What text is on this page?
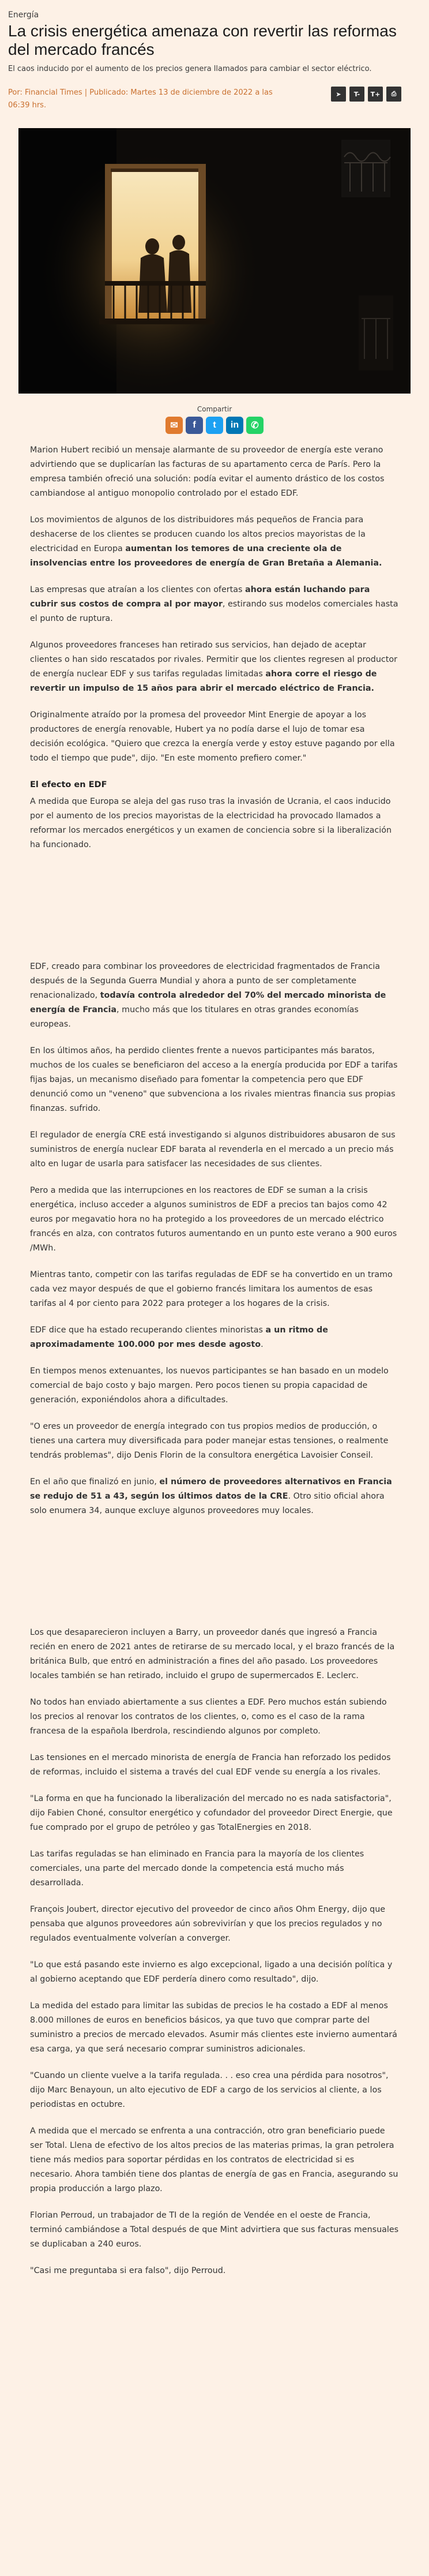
Energía
La crisis energética amenaza con revertir las reformas del mercado francés
El caos inducido por el aumento de los precios genera llamados para cambiar el sector eléctrico.
Por: Financial Times | Publicado: Martes 13 de diciembre de 2022 a las 06:39 hrs.
➤	T-	T+	⎙
Compartir
✉	f	t	in	✆

Marion Hubert recibió un mensaje alarmante de su proveedor de energía este verano advirtiendo que se duplicarían las facturas de su apartamento cerca de París. Pero la empresa también ofreció una solución: podía evitar el aumento drástico de los costos cambiandose al antiguo monopolio controlado por el estado EDF.

Los movimientos de algunos de los distribuidores más pequeños de Francia para deshacerse de los clientes se producen cuando los altos precios mayoristas de la electricidad en Europa aumentan los temores de una creciente ola de insolvencias entre los proveedores de energía de Gran Bretaña a Alemania.

Las empresas que atraían a los clientes con ofertas ahora están luchando para cubrir sus costos de compra al por mayor, estirando sus modelos comerciales hasta el punto de ruptura.

Algunos proveedores franceses han retirado sus servicios, han dejado de aceptar clientes o han sido rescatados por rivales. Permitir que los clientes regresen al productor de energía nuclear EDF y sus tarifas reguladas limitadas ahora corre el riesgo de revertir un impulso de 15 años para abrir el mercado eléctrico de Francia.

Originalmente atraído por la promesa del proveedor Mint Energie de apoyar a los productores de energía renovable, Hubert ya no podía darse el lujo de tomar esa decisión ecológica. "Quiero que crezca la energía verde y estoy estuve pagando por ella todo el tiempo que pude", dijo. "En este momento prefiero comer."

El efecto en EDF

A medida que Europa se aleja del gas ruso tras la invasión de Ucrania, el caos inducido por el aumento de los precios mayoristas de la electricidad ha provocado llamados a reformar los mercados energéticos y un examen de conciencia sobre si la liberalización ha funcionado.

EDF, creado para combinar los proveedores de electricidad fragmentados de Francia después de la Segunda Guerra Mundial y ahora a punto de ser completamente renacionalizado, todavía controla alrededor del 70% del mercado minorista de energía de Francia, mucho más que los titulares en otras grandes economías europeas.

En los últimos años, ha perdido clientes frente a nuevos participantes más baratos, muchos de los cuales se beneficiaron del acceso a la energía producida por EDF a tarifas fijas bajas, un mecanismo diseñado para fomentar la competencia pero que EDF denunció como un "veneno" que subvenciona a los rivales mientras financia sus propias finanzas. sufrido.

El regulador de energía CRE está investigando si algunos distribuidores abusaron de sus suministros de energía nuclear EDF barata al revenderla en el mercado a un precio más alto en lugar de usarla para satisfacer las necesidades de sus clientes.

Pero a medida que las interrupciones en los reactores de EDF se suman a la crisis energética, incluso acceder a algunos suministros de EDF a precios tan bajos como 42 euros por megavatio hora no ha protegido a los proveedores de un mercado eléctrico francés en alza, con contratos futuros aumentando en un punto este verano a 900 euros /MWh.

Mientras tanto, competir con las tarifas reguladas de EDF se ha convertido en un tramo cada vez mayor después de que el gobierno francés limitara los aumentos de esas tarifas al 4 por ciento para 2022 para proteger a los hogares de la crisis.

EDF dice que ha estado recuperando clientes minoristas a un ritmo de aproximadamente 100.000 por mes desde agosto.

En tiempos menos extenuantes, los nuevos participantes se han basado en un modelo comercial de bajo costo y bajo margen. Pero pocos tienen su propia capacidad de generación, exponiéndolos ahora a dificultades.

"O eres un proveedor de energía integrado con tus propios medios de producción, o tienes una cartera muy diversificada para poder manejar estas tensiones, o realmente tendrás problemas", dijo Denis Florin de la consultora energética Lavoisier Conseil.

En el año que finalizó en junio, el número de proveedores alternativos en Francia se redujo de 51 a 43, según los últimos datos de la CRE. Otro sitio oficial ahora solo enumera 34, aunque excluye algunos proveedores muy locales.

Los que desaparecieron incluyen a Barry, un proveedor danés que ingresó a Francia recién en enero de 2021 antes de retirarse de su mercado local, y el brazo francés de la británica Bulb, que entró en administración a fines del año pasado. Los proveedores locales también se han retirado, incluido el grupo de supermercados E. Leclerc.

No todos han enviado abiertamente a sus clientes a EDF. Pero muchos están subiendo los precios al renovar los contratos de los clientes, o, como es el caso de la rama francesa de la española Iberdrola, rescindiendo algunos por completo.

Las tensiones en el mercado minorista de energía de Francia han reforzado los pedidos de reformas, incluido el sistema a través del cual EDF vende su energía a los rivales.

"La forma en que ha funcionado la liberalización del mercado no es nada satisfactoria", dijo Fabien Choné, consultor energético y cofundador del proveedor Direct Energie, que fue comprado por el grupo de petróleo y gas TotalEnergies en 2018.

Las tarifas reguladas se han eliminado en Francia para la mayoría de los clientes comerciales, una parte del mercado donde la competencia está mucho más desarrollada.

François Joubert, director ejecutivo del proveedor de cinco años Ohm Energy, dijo que pensaba que algunos proveedores aún sobrevivirían y que los precios regulados y no regulados eventualmente volverían a converger.

"Lo que está pasando este invierno es algo excepcional, ligado a una decisión política y al gobierno aceptando que EDF perdería dinero como resultado", dijo.

La medida del estado para limitar las subidas de precios le ha costado a EDF al menos 8.000 millones de euros en beneficios básicos, ya que tuvo que comprar parte del suministro a precios de mercado elevados. Asumir más clientes este invierno aumentará esa carga, ya que será necesario comprar suministros adicionales.

"Cuando un cliente vuelve a la tarifa regulada. . . eso crea una pérdida para nosotros", dijo Marc Benayoun, un alto ejecutivo de EDF a cargo de los servicios al cliente, a los periodistas en octubre.

A medida que el mercado se enfrenta a una contracción, otro gran beneficiario puede ser Total. Llena de efectivo de los altos precios de las materias primas, la gran petrolera tiene más medios para soportar pérdidas en los contratos de electricidad si es necesario. Ahora también tiene dos plantas de energía de gas en Francia, asegurando su propia producción a largo plazo.

Florian Perroud, un trabajador de TI de la región de Vendée en el oeste de Francia, terminó cambiándose a Total después de que Mint advirtiera que sus facturas mensuales se duplicaban a 240 euros.

"Casi me preguntaba si era falso", dijo Perroud.
